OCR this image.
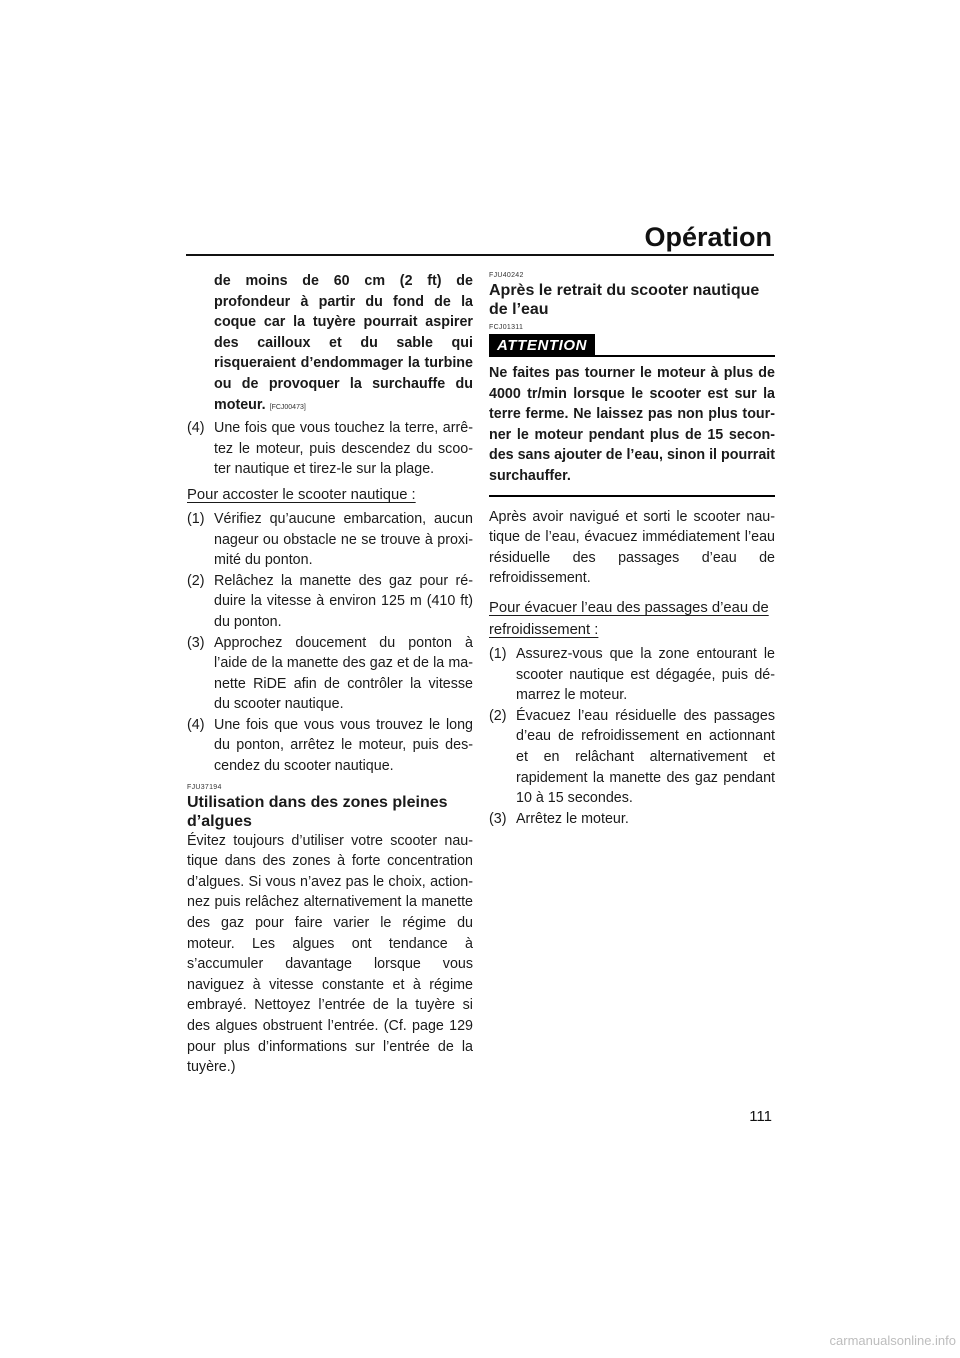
Opération

de moins de 60 cm (2 ft) de profondeur à partir du fond de la coque car la tuyère pourrait aspirer des cailloux et du sable qui risqueraient d’endommager la turbine ou de provoquer la surchauffe du moteur. [FCJ00473]

(4) Une fois que vous touchez la terre, arrêtez le moteur, puis descendez du scooter nautique et tirez-le sur la plage.

Pour accoster le scooter nautique :

(1) Vérifiez qu’aucune embarcation, aucun nageur ou obstacle ne se trouve à proximité du ponton.
(2) Relâchez la manette des gaz pour réduire la vitesse à environ 125 m (410 ft) du ponton.
(3) Approchez doucement du ponton à l’aide de la manette des gaz et de la manette RiDE afin de contrôler la vitesse du scooter nautique.
(4) Une fois que vous vous trouvez le long du ponton, arrêtez le moteur, puis descendez du scooter nautique.
FJU37194

Utilisation dans des zones pleines d’algues

Évitez toujours d’utiliser votre scooter nautique dans des zones à forte concentration d’algues. Si vous n’avez pas le choix, actionnez puis relâchez alternativement la manette des gaz pour faire varier le régime du moteur. Les algues ont tendance à s’accumuler davantage lorsque vous naviguez à vitesse constante et à régime embrayé. Nettoyez l’entrée de la tuyère si des algues obstruent l’entrée. (Cf. page 129 pour plus d’informations sur l’entrée de la tuyère.)

FJU40242

Après le retrait du scooter nautique de l’eau

FCJ01311
ATTENTION

Ne faites pas tourner le moteur à plus de 4000 tr/min lorsque le scooter est sur la terre ferme. Ne laissez pas non plus tourner le moteur pendant plus de 15 secondes sans ajouter de l’eau, sinon il pourrait surchauffer.

Après avoir navigué et sorti le scooter nautique de l’eau, évacuez immédiatement l’eau résiduelle des passages d’eau de refroidissement.

Pour évacuer l’eau des passages d’eau de refroidissement :

(1) Assurez-vous que la zone entourant le scooter nautique est dégagée, puis démarrez le moteur.
(2) Évacuez l’eau résiduelle des passages d’eau de refroidissement en actionnant et en relâchant alternativement et rapidement la manette des gaz pendant 10 à 15 secondes.
(3) Arrêtez le moteur.
111
carmanualsonline.info
